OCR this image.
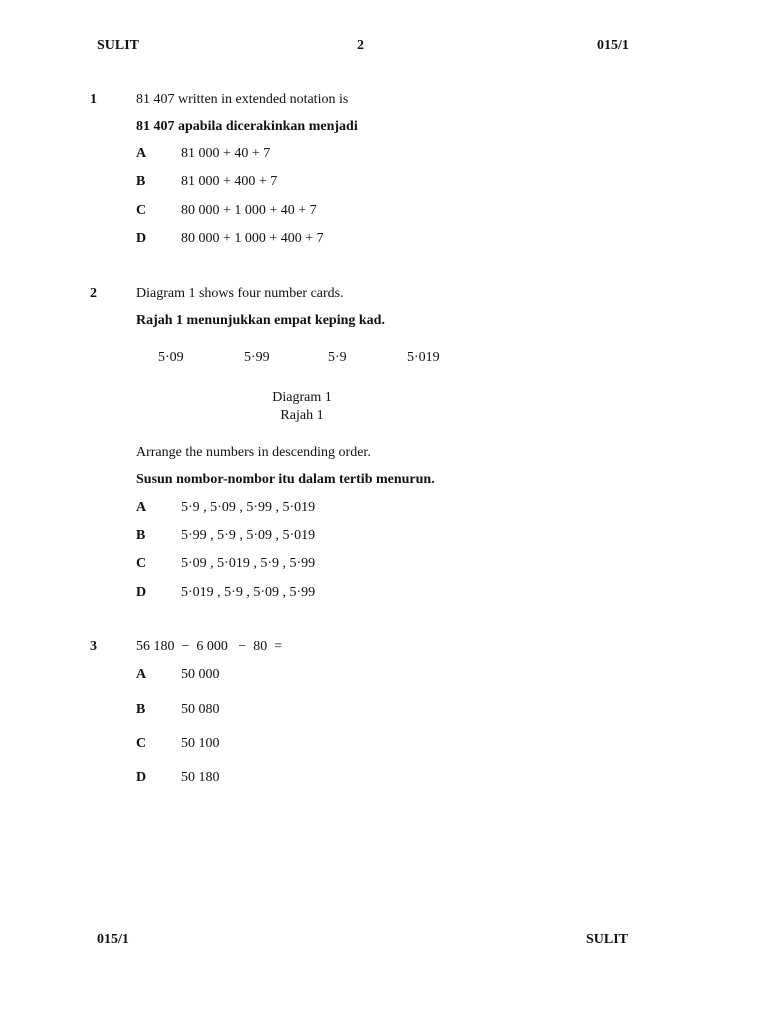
SULIT	2	015/1
1	81 407 written in extended notation is
81 407 apabila dicerakinkan menjadi
A 81 000 + 40 + 7
B	81 000 + 400 + 7
C 80 000 + 1 000 + 40 + 7
D 80 000 + 1 000 + 400 + 7
2	Diagram 1 shows four number cards.
Rajah 1 menunjukkan empat keping kad.
5·09	5·99	5·9	5·019
Diagram 1
Rajah 1
Arrange the numbers in descending order.
Susun nombor-nombor itu dalam tertib menurun.
A 5·9 , 5·09 , 5·99 , 5·019
B	5·99 , 5·9 , 5·09 , 5·019
C 5·09 , 5·019 , 5·9 , 5·99
D 5·019 , 5·9 , 5·09 , 5·99
3	56 180  −  6 000   −  80  =
A 50 000
B	50 080
C 50 100
D 50 180
015/1	SULIT
